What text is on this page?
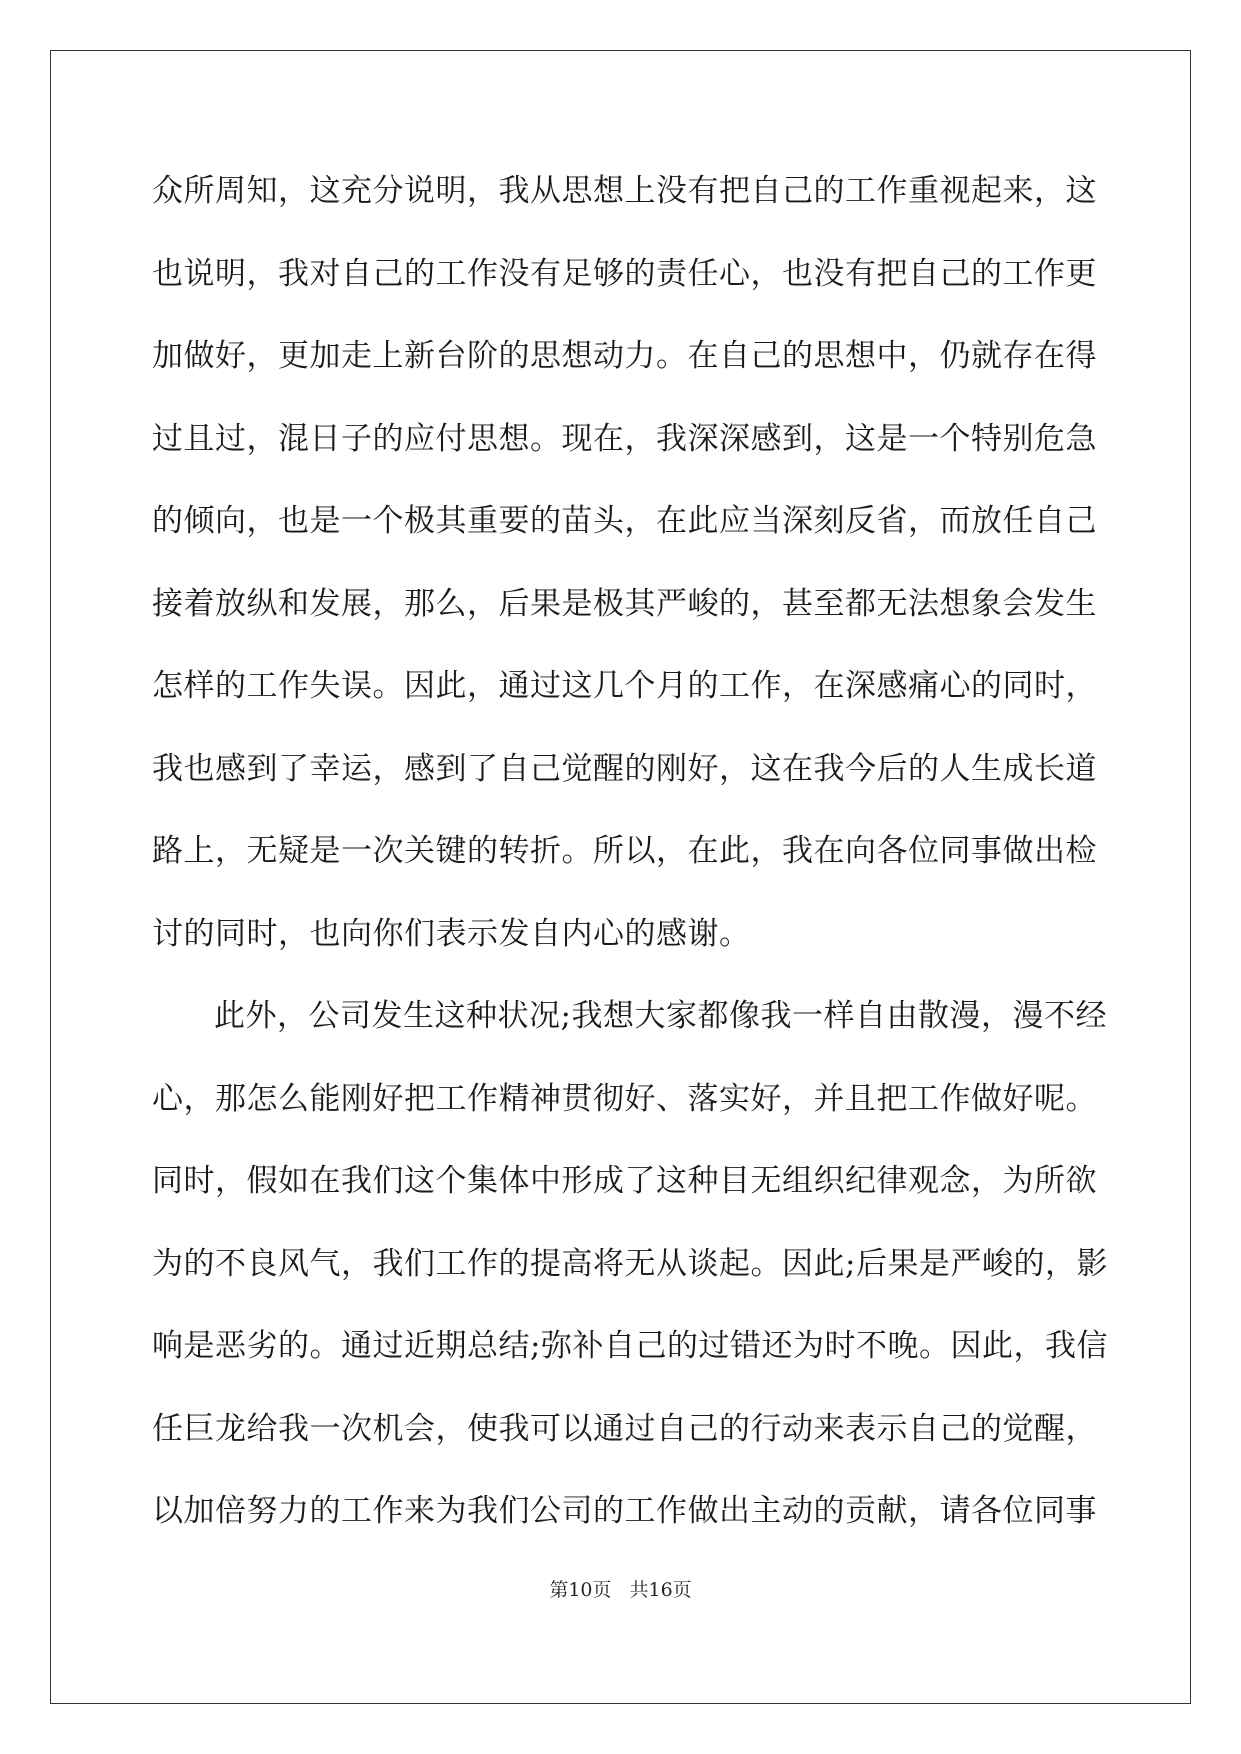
众所周知，这充分说明，我从思想上没有把自己的工作重视起来，这
也说明，我对自己的工作没有足够的责任心，也没有把自己的工作更
加做好，更加走上新台阶的思想动力。在自己的思想中，仍就存在得
过且过，混日子的应付思想。现在，我深深感到，这是一个特别危急
的倾向，也是一个极其重要的苗头，在此应当深刻反省，而放任自己
接着放纵和发展，那么，后果是极其严峻的，甚至都无法想象会发生
怎样的工作失误。因此，通过这几个月的工作，在深感痛心的同时，
我也感到了幸运，感到了自己觉醒的刚好，这在我今后的人生成长道
路上，无疑是一次关键的转折。所以，在此，我在向各位同事做出检
讨的同时，也向你们表示发自内心的感谢。
此外，公司发生这种状况;我想大家都像我一样自由散漫，漫不经
心，那怎么能刚好把工作精神贯彻好、落实好，并且把工作做好呢。
同时，假如在我们这个集体中形成了这种目无组织纪律观念，为所欲
为的不良风气，我们工作的提高将无从谈起。因此;后果是严峻的，影
响是恶劣的。通过近期总结;弥补自己的过错还为时不晚。因此，我信
任巨龙给我一次机会，使我可以通过自己的行动来表示自己的觉醒，
以加倍努力的工作来为我们公司的工作做出主动的贡献，请各位同事
第10页 共16页
